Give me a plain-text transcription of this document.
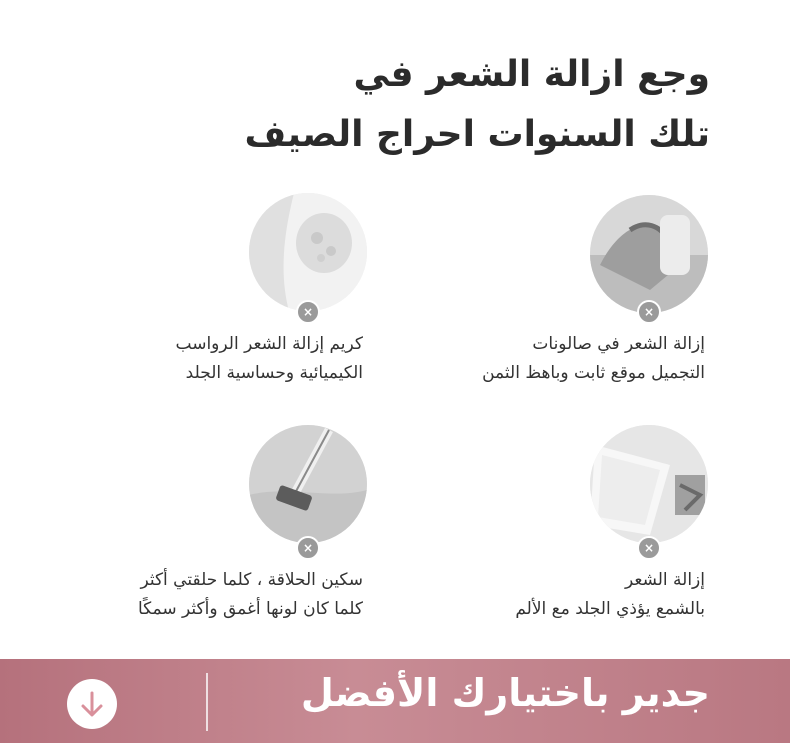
وجع ازالة الشعر في
تلك السنوات احراج الصيف
×
إزالة الشعر في صالونات
التجميل موقع ثابت وباهظ الثمن
×
كريم إزالة الشعر الرواسب
الكيميائية وحساسية الجلد
×
إزالة الشعر
بالشمع يؤذي الجلد مع الألم
×
سكين الحلاقة ، كلما حلقتي أكثر
كلما كان لونها أغمق وأكثر سمكًا
جدير باختيارك الأفضل
